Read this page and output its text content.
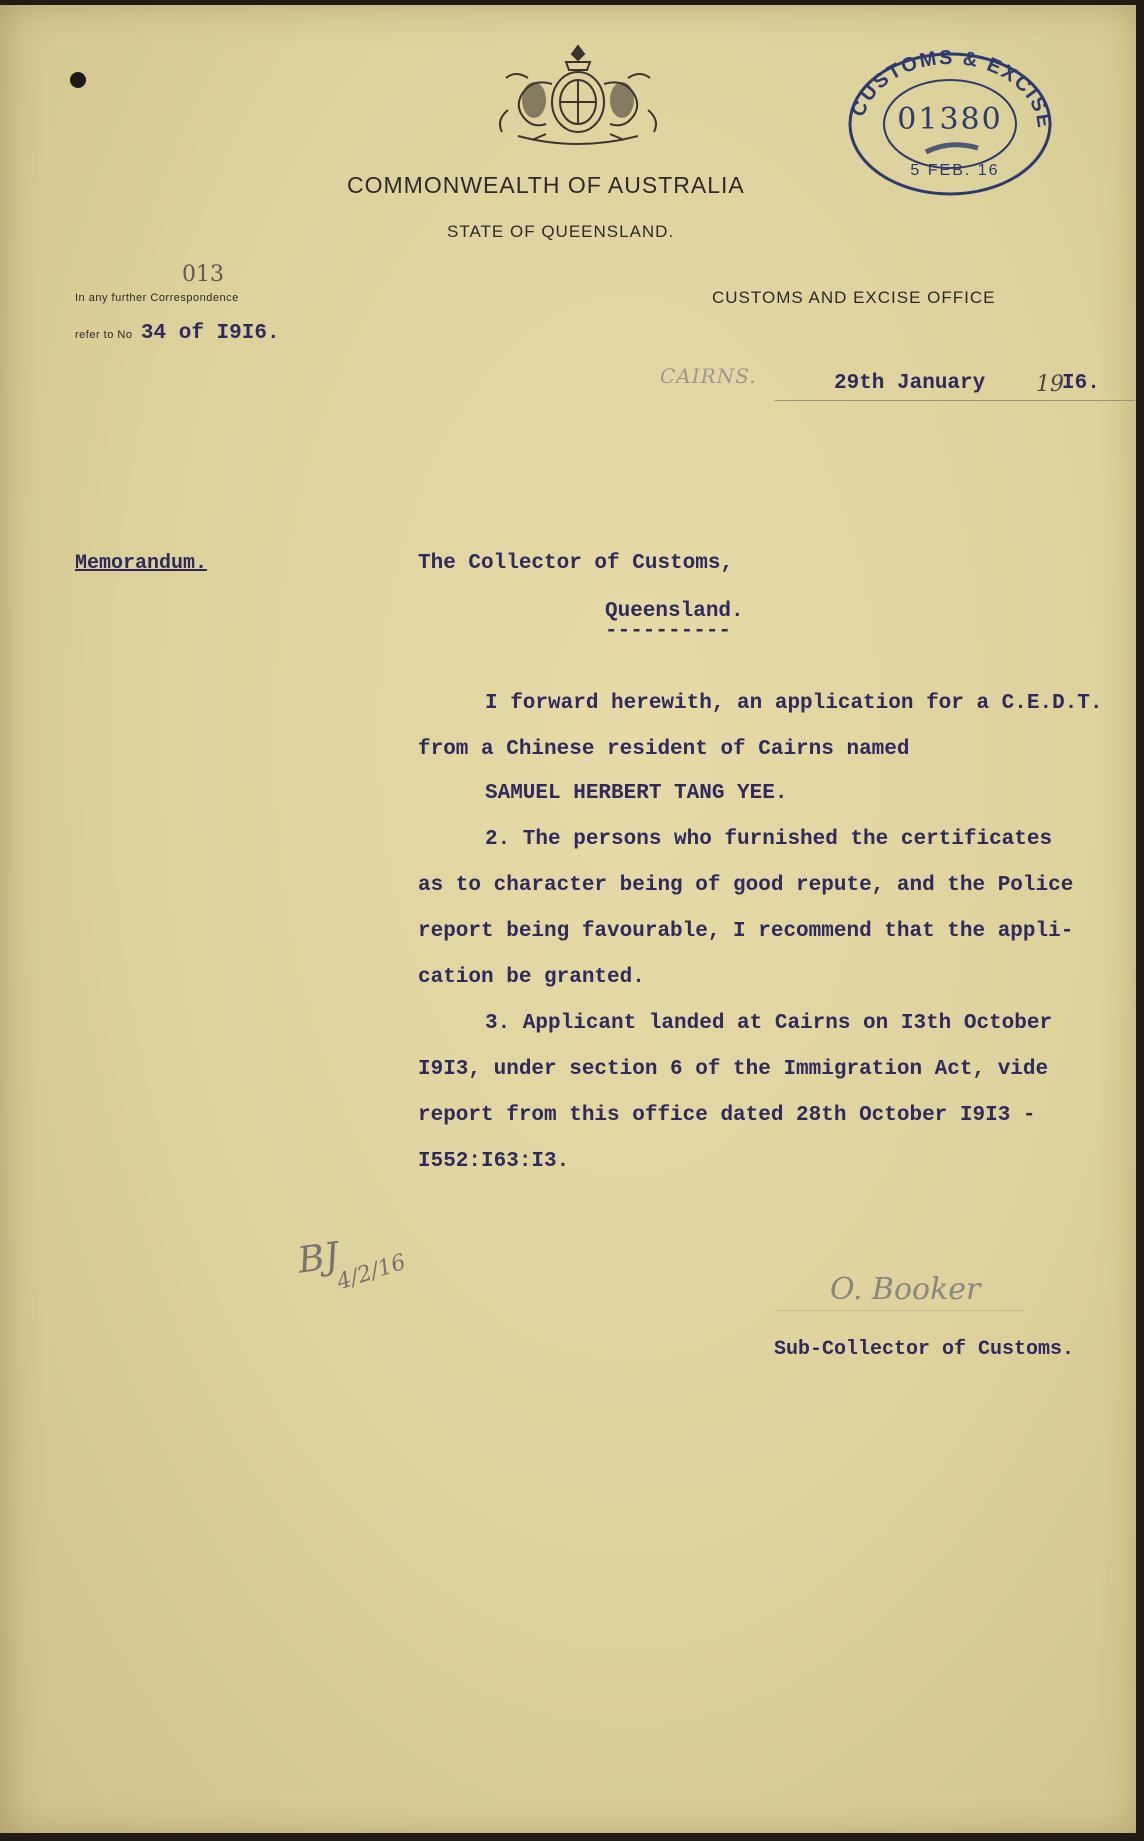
CUSTOMS & EXCISE
01380
5 FEB. 16
COMMONWEALTH OF AUSTRALIA
STATE OF QUEENSLAND.
013
In any further Correspondence
refer to No 34 of I9I6.
CUSTOMS AND EXCISE OFFICE
CAIRNS.	29th January 19
I6.
Memorandum.	The Collector of Customs,
Queensland.
----------
I forward herewith, an application for a C.E.D.T.
from a Chinese resident of Cairns named
SAMUEL HERBERT TANG YEE.
2. The persons who furnished the certificates
as to character being of good repute, and the Police
report being favourable, I recommend that the appli-
cation be granted.
3. Applicant landed at Cairns on I3th October
I9I3, under section 6 of the Immigration Act, vide
report from this office dated 28th October I9I3 -
I552:I63:I3.
BJ
4/2/16	O. Booker
Sub-Collector of Customs.
